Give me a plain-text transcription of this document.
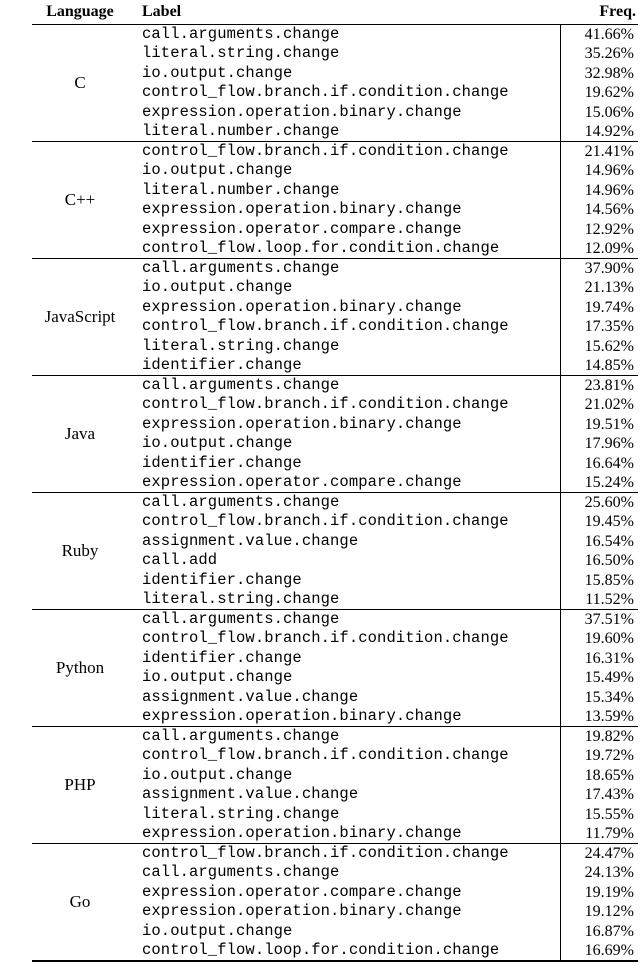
Language	Label	Freq.
C
call.arguments.change	41.66%
literal.string.change	35.26%
io.output.change	32.98%
control_flow.branch.if.condition.change	19.62%
expression.operation.binary.change	15.06%
literal.number.change	14.92%
C++
control_flow.branch.if.condition.change	21.41%
io.output.change	14.96%
literal.number.change	14.96%
expression.operation.binary.change	14.56%
expression.operator.compare.change	12.92%
control_flow.loop.for.condition.change	12.09%
JavaScript
call.arguments.change	37.90%
io.output.change	21.13%
expression.operation.binary.change	19.74%
control_flow.branch.if.condition.change	17.35%
literal.string.change	15.62%
identifier.change	14.85%
Java
call.arguments.change	23.81%
control_flow.branch.if.condition.change	21.02%
expression.operation.binary.change	19.51%
io.output.change	17.96%
identifier.change	16.64%
expression.operator.compare.change	15.24%
Ruby
call.arguments.change	25.60%
control_flow.branch.if.condition.change	19.45%
assignment.value.change	16.54%
call.add	16.50%
identifier.change	15.85%
literal.string.change	11.52%
Python
call.arguments.change	37.51%
control_flow.branch.if.condition.change	19.60%
identifier.change	16.31%
io.output.change	15.49%
assignment.value.change	15.34%
expression.operation.binary.change	13.59%
PHP
call.arguments.change	19.82%
control_flow.branch.if.condition.change	19.72%
io.output.change	18.65%
assignment.value.change	17.43%
literal.string.change	15.55%
expression.operation.binary.change	11.79%
Go
control_flow.branch.if.condition.change	24.47%
call.arguments.change	24.13%
expression.operator.compare.change	19.19%
expression.operation.binary.change	19.12%
io.output.change	16.87%
control_flow.loop.for.condition.change	16.69%
